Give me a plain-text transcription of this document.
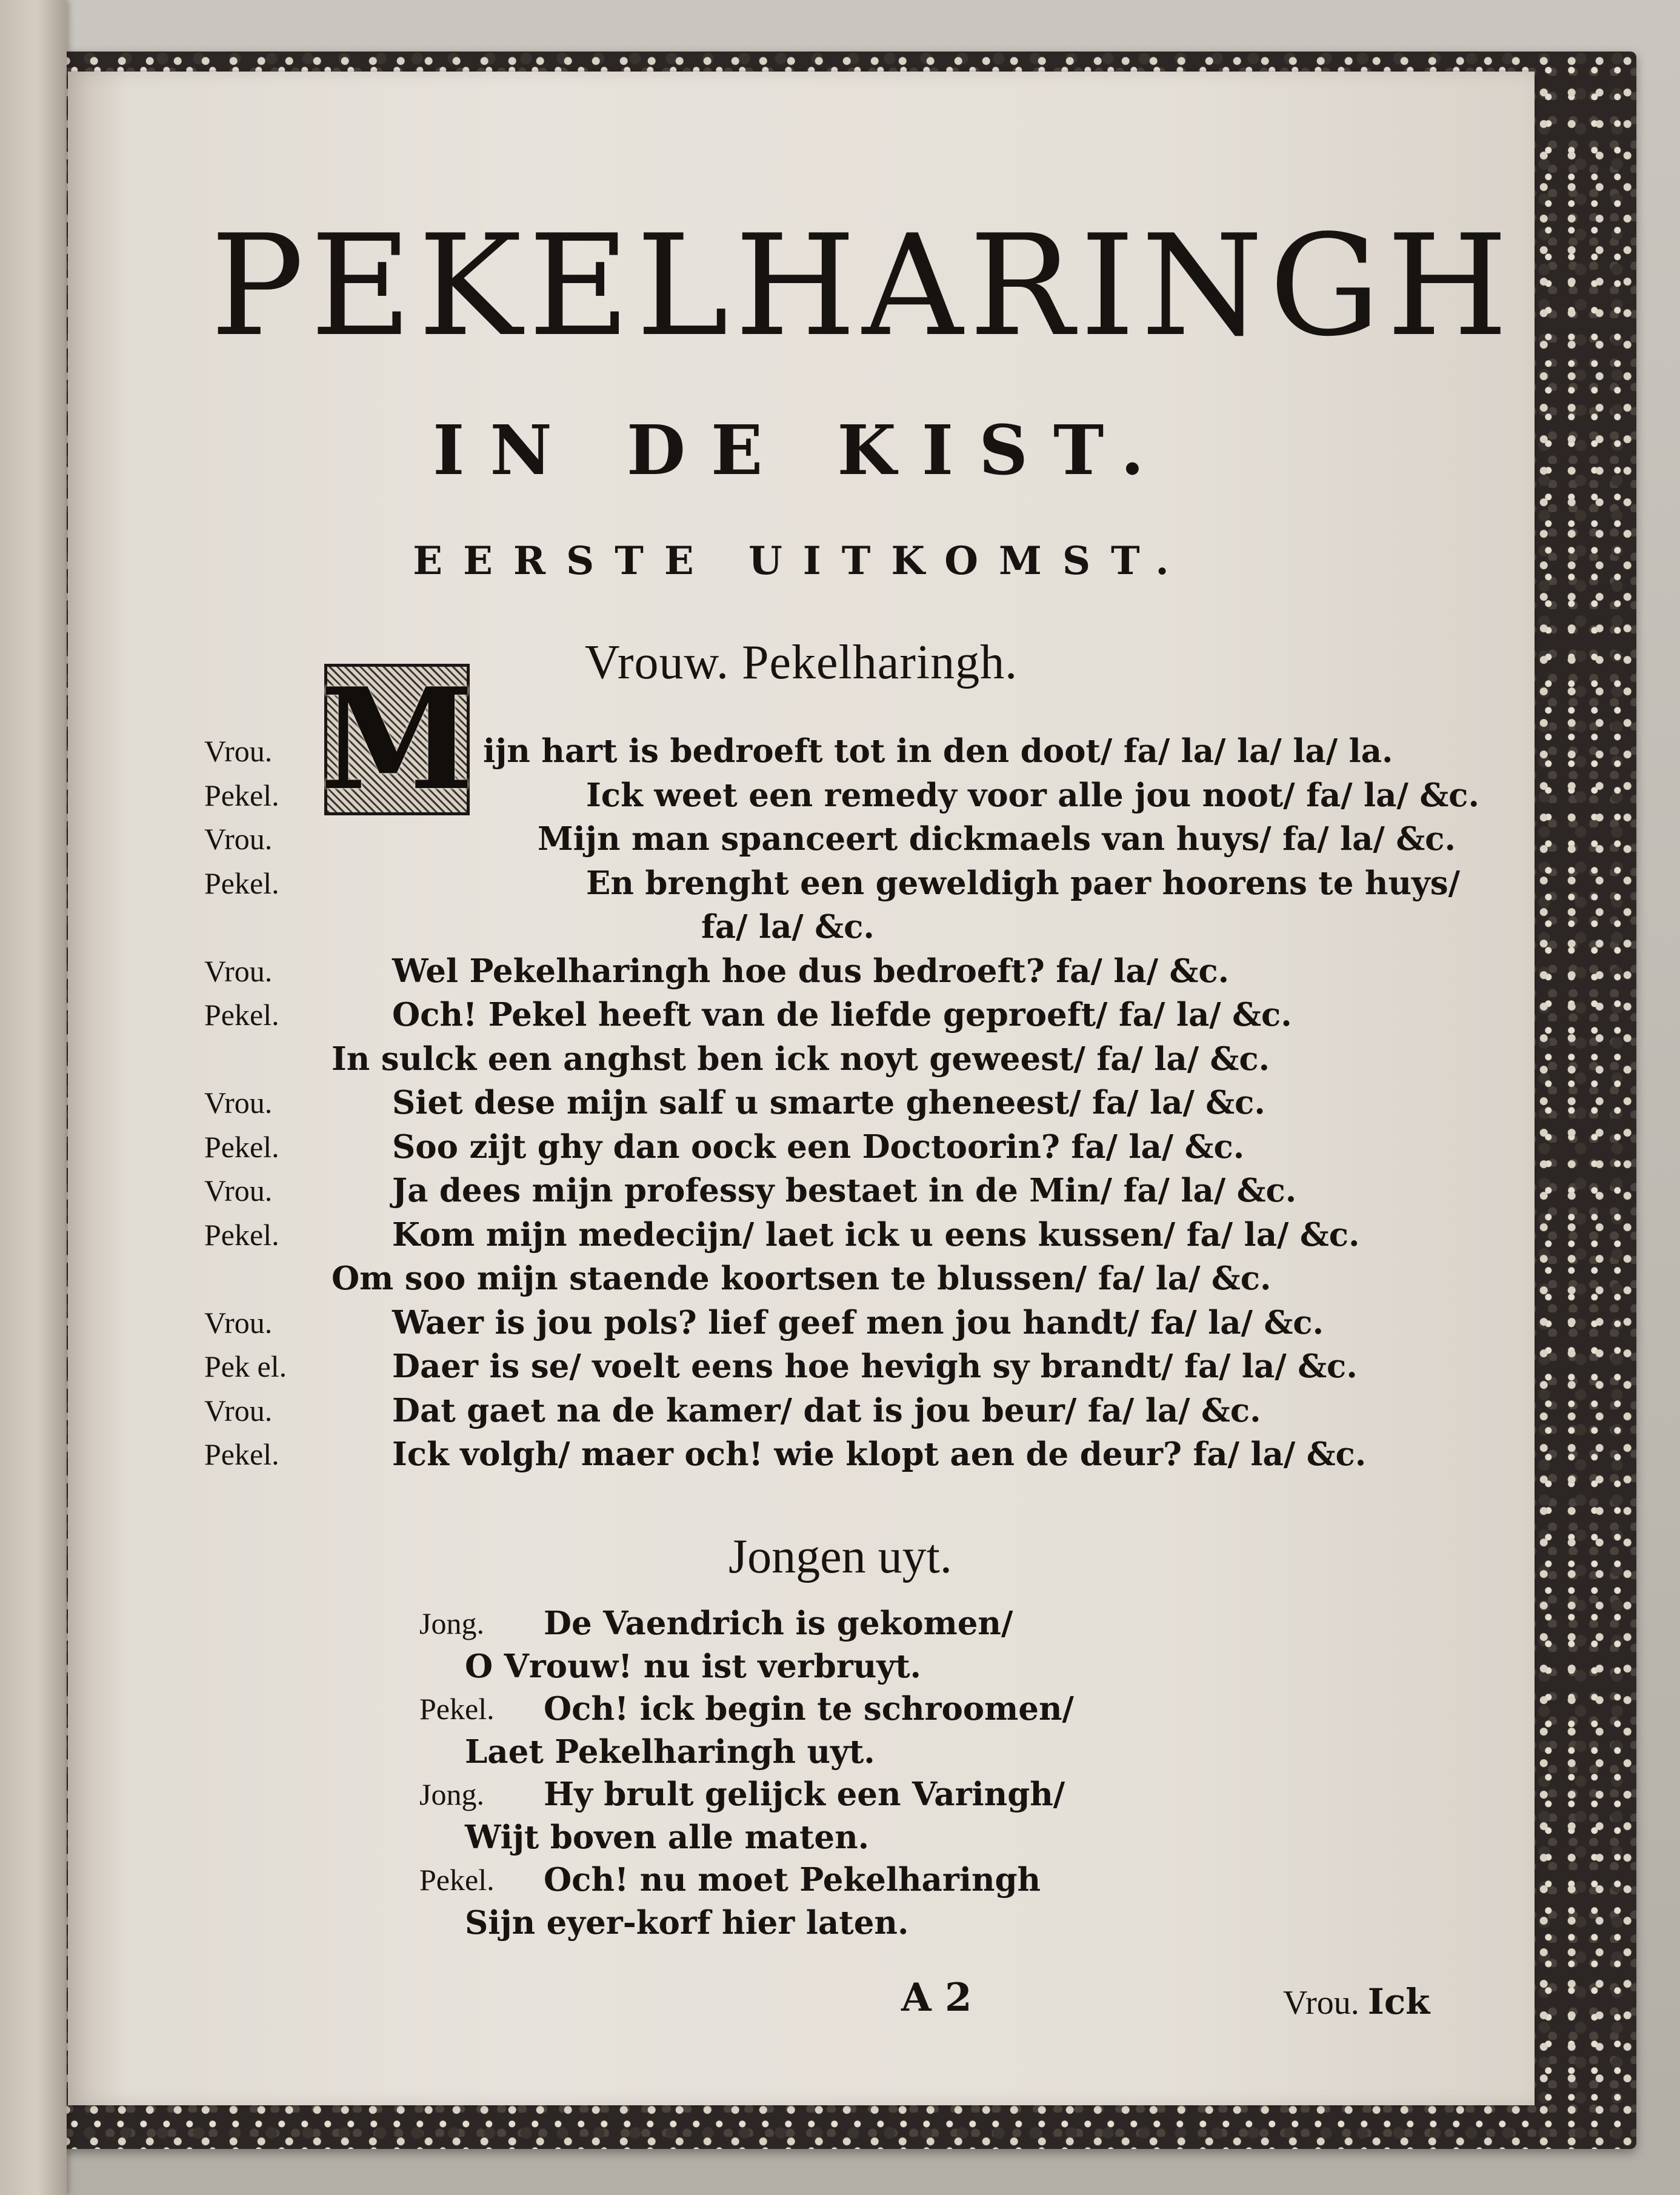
PEKELHARINGH
IN DE KIST.
EERSTE UITKOMST.
Vrouw. Pekelharingh.
Vrou.	ijn hart is bedroeft tot in den doot/ fa/ la/ la/ la/ la.
Pekel.	Ick weet een remedy voor alle jou noot/ fa/ la/ &c.
Vrou.	Mijn man spanceert dickmaels van huys/ fa/ la/ &c.
Pekel.	En brenght een geweldigh paer hoorens te huys/
fa/ la/ &c.
Vrou.	Wel Pekelharingh hoe dus bedroeft? fa/ la/ &c.
Pekel.	Och! Pekel heeft van de liefde geproeft/ fa/ la/ &c.
In sulck een anghst ben ick noyt geweest/ fa/ la/ &c.
Vrou.	Siet dese mijn salf u smarte gheneest/ fa/ la/ &c.
Pekel.	Soo zijt ghy dan oock een Doctoorin? fa/ la/ &c.
Vrou.	Ja dees mijn professy bestaet in de Min/ fa/ la/ &c.
Pekel.	Kom mijn medecijn/ laet ick u eens kussen/ fa/ la/ &c.
Om soo mijn staende koortsen te blussen/ fa/ la/ &c.
Vrou.	Waer is jou pols? lief geef men jou handt/ fa/ la/ &c.
Pek el.	Daer is se/ voelt eens hoe hevigh sy brandt/ fa/ la/ &c.
Vrou.	Dat gaet na de kamer/ dat is jou beur/ fa/ la/ &c.
Pekel.	Ick volgh/ maer och! wie klopt aen de deur? fa/ la/ &c.
M
Jongen uyt.
Jong. De Vaendrich is gekomen/
O Vrouw! nu ist verbruyt.
Pekel. Och! ick begin te schroomen/
Laet Pekelharingh uyt.
Jong. Hy brult gelijck een Varingh/
Wijt boven alle maten.
Pekel. Och! nu moet Pekelharingh
Sijn eyer-korf hier laten.
A 2	Vrou. Ick
